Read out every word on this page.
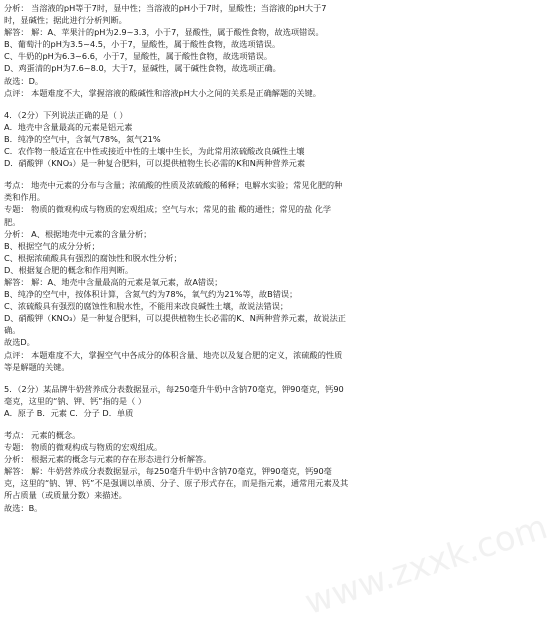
分析： 当溶液的pH等于7时，显中性；当溶液的pH小于7时，显酸性；当溶液的pH大于7
时，显碱性；据此进行分析判断。
解答： 解：A、苹果汁的pH为2.9~3.3，小于7，显酸性，属于酸性食物，故选项错误。
B、葡萄汁的pH为3.5~4.5，小于7，显酸性，属于酸性食物，故选项错误。
C、牛奶的pH为6.3~6.6，小于7，显酸性，属于酸性食物，故选项错误。
D、鸡蛋清的pH为7.6~8.0，大于7，显碱性，属于碱性食物，故选项正确。
故选：D。
点评： 本题难度不大，掌握溶液的酸碱性和溶液pH大小之间的关系是正确解题的关键。
4．（2分）下列说法正确的是（ ）
A．地壳中含量最高的元素是铝元素
B．纯净的空气中，含氧气78%，氮气21%
C．农作物一般适宜在中性或接近中性的土壤中生长，为此常用浓硫酸改良碱性土壤
D．硝酸钾（KNO₃）是一种复合肥料，可以提供植物生长必需的K和N两种营养元素
考点： 地壳中元素的分布与含量；浓硫酸的性质及浓硫酸的稀释；电解水实验；常见化肥的种
类和作用。
专题： 物质的微观构成与物质的宏观组成；空气与水；常见的盐 酸的通性；常见的盐 化学
肥。
分析： A、根据地壳中元素的含量分析；
B、根据空气的成分分析；
C、根据浓硫酸具有强烈的腐蚀性和脱水性分析；
D、根据复合肥的概念和作用判断。
解答： 解：A、地壳中含量最高的元素是氧元素，故A错误；
B、纯净的空气中，按体积计算，含氮气约为78%，氧气约为21%等，故B错误；
C、浓硫酸具有强烈的腐蚀性和脱水性，不能用来改良碱性土壤，故说法错误；
D、硝酸钾（KNO₃）是一种复合肥料，可以提供植物生长必需的K、N两种营养元素，故说法正
确。
故选D。
点评： 本题难度不大，掌握空气中各成分的体积含量、地壳以及复合肥的定义，浓硫酸的性质
等是解题的关键。
5．（2分）某品牌牛奶营养成分表数据显示，每250毫升牛奶中含钠70毫克，钾90毫克，钙90
毫克，这里的“钠、钾、钙”指的是（ ）
A．原子 B．元素 C．分子 D．单质
考点： 元素的概念。
专题： 物质的微观构成与物质的宏观组成。
分析： 根据元素的概念与元素的存在形态进行分析解答。
解答： 解：牛奶营养成分表数据显示，每250毫升牛奶中含钠70毫克，钾90毫克，钙90毫
克，这里的“钠、钾、钙”不是强调以单质、分子、原子形式存在，而是指元素，通常用元素及其
所占质量（或质量分数）来描述。
故选：B。	www.zxxk.com
